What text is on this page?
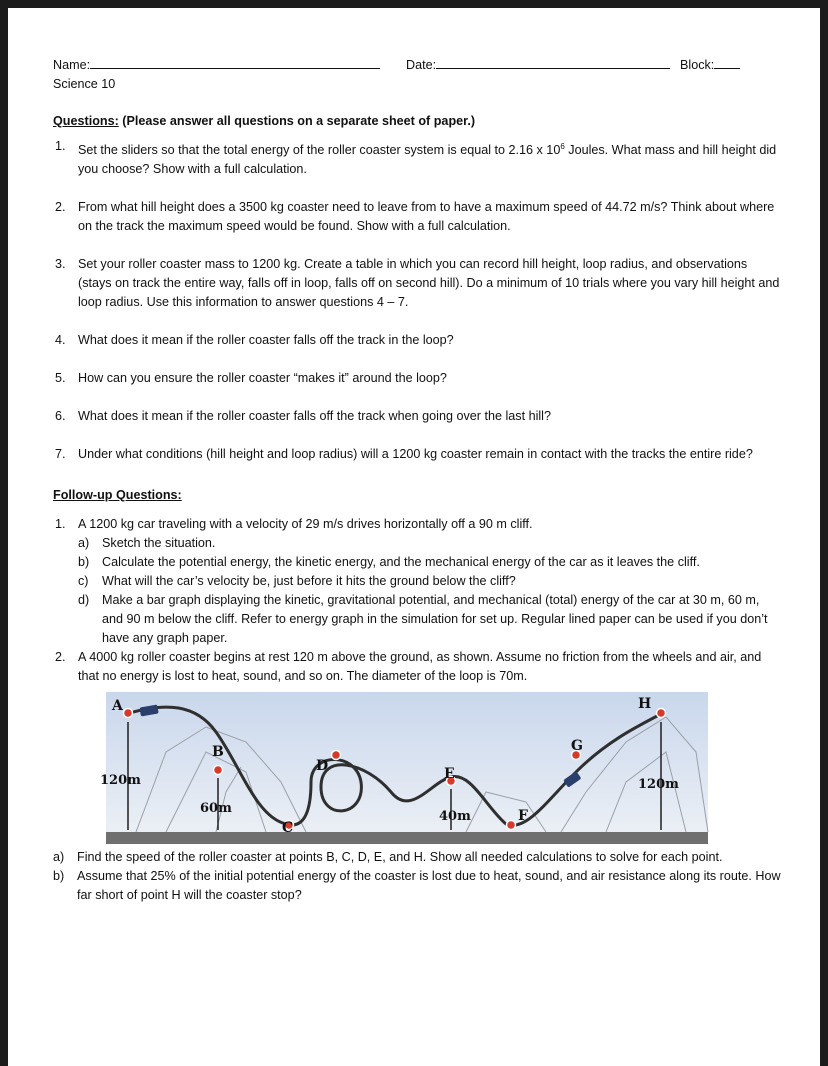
Name:	Date:	Block:
Science 10
Questions: (Please answer all questions on a separate sheet of paper.)
1. Set the sliders so that the total energy of the roller coaster system is equal to 2.16 x $10^6$ Joules. What mass and hill height did you choose? Show with a full calculation.
2. From what hill height does a 3500 kg coaster need to leave from to have a maximum speed of 44.72 m/s? Think about where on the track the maximum speed would be found. Show with a full calculation.
3. Set your roller coaster mass to 1200 kg. Create a table in which you can record hill height, loop radius, and observations (stays on track the entire way, falls off in loop, falls off on second hill). Do a minimum of 10 trials where you vary hill height and loop radius. Use this information to answer questions 4 – 7.
4. What does it mean if the roller coaster falls off the track in the loop?
5. How can you ensure the roller coaster “makes it” around the loop?
6. What does it mean if the roller coaster falls off the track when going over the last hill?
7. Under what conditions (hill height and loop radius) will a 1200 kg coaster remain in contact with the tracks the entire ride?
Follow-up Questions:
1. A 1200 kg car traveling with a velocity of 29 m/s drives horizontally off a 90 m cliff.
a) Sketch the situation.
b) Calculate the potential energy, the kinetic energy, and the mechanical energy of the car as it leaves the cliff.
c) What will the car’s velocity be, just before it hits the ground below the cliff?
d) Make a bar graph displaying the kinetic, gravitational potential, and mechanical (total) energy of the car at 30 m, 60 m, and 90 m below the cliff. Refer to energy graph in the simulation for set up. Regular lined paper can be used if you don’t have any graph paper.
2. A 4000 kg roller coaster begins at rest 120 m above the ground, as shown. Assume no friction from the wheels and air, and that no energy is lost to heat, sound, and so on. The diameter of the loop is 70m.
A
B
C
D	E
F
G
H
120m
60m
40m
120m
a) Find the speed of the roller coaster at points B, C, D, E, and H. Show all needed calculations to solve for each point.
b) Assume that 25% of the initial potential energy of the coaster is lost due to heat, sound, and air resistance along its route. How far short of point H will the coaster stop?
